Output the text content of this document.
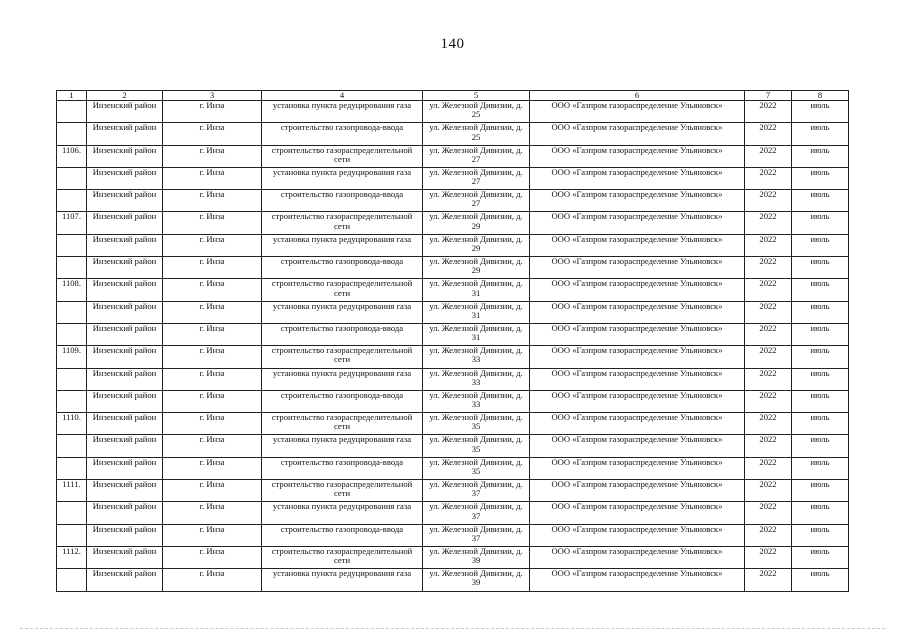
140
1	2	3	4	5	6	7	8
	Инзенский район	г. Инза	установка пункта редуцирования газа	ул. Железной Дивизии, д. 25	ООО «Газпром газораспределение Ульяновск»	2022	июль
	Инзенский район	г. Инза	строительство газопровода-ввода	ул. Железной Дивизии, д. 25	ООО «Газпром газораспределение Ульяновск»	2022	июль
1106.	Инзенский район	г. Инза	строительство газораспределительной сети	ул. Железной Дивизии, д. 27	ООО «Газпром газораспределение Ульяновск»	2022	июль
	Инзенский район	г. Инза	установка пункта редуцирования газа	ул. Железной Дивизии, д. 27	ООО «Газпром газораспределение Ульяновск»	2022	июль
	Инзенский район	г. Инза	строительство газопровода-ввода	ул. Железной Дивизии, д. 27	ООО «Газпром газораспределение Ульяновск»	2022	июль
1107.	Инзенский район	г. Инза	строительство газораспределительной сети	ул. Железной Дивизии, д. 29	ООО «Газпром газораспределение Ульяновск»	2022	июль
	Инзенский район	г. Инза	установка пункта редуцирования газа	ул. Железной Дивизии, д. 29	ООО «Газпром газораспределение Ульяновск»	2022	июль
	Инзенский район	г. Инза	строительство газопровода-ввода	ул. Железной Дивизии, д. 29	ООО «Газпром газораспределение Ульяновск»	2022	июль
1108.	Инзенский район	г. Инза	строительство газораспределительной сети	ул. Железной Дивизии, д. 31	ООО «Газпром газораспределение Ульяновск»	2022	июль
	Инзенский район	г. Инза	установка пункта редуцирования газа	ул. Железной Дивизии, д. 31	ООО «Газпром газораспределение Ульяновск»	2022	июль
	Инзенский район	г. Инза	строительство газопровода-ввода	ул. Железной Дивизии, д. 31	ООО «Газпром газораспределение Ульяновск»	2022	июль
1109.	Инзенский район	г. Инза	строительство газораспределительной сети	ул. Железной Дивизии, д. 33	ООО «Газпром газораспределение Ульяновск»	2022	июль
	Инзенский район	г. Инза	установка пункта редуцирования газа	ул. Железной Дивизии, д. 33	ООО «Газпром газораспределение Ульяновск»	2022	июль
	Инзенский район	г. Инза	строительство газопровода-ввода	ул. Железной Дивизии, д. 33	ООО «Газпром газораспределение Ульяновск»	2022	июль
1110.	Инзенский район	г. Инза	строительство газораспределительной сети	ул. Железной Дивизии, д. 35	ООО «Газпром газораспределение Ульяновск»	2022	июль
	Инзенский район	г. Инза	установка пункта редуцирования газа	ул. Железной Дивизии, д. 35	ООО «Газпром газораспределение Ульяновск»	2022	июль
	Инзенский район	г. Инза	строительство газопровода-ввода	ул. Железной Дивизии, д. 35	ООО «Газпром газораспределение Ульяновск»	2022	июль
1111.	Инзенский район	г. Инза	строительство газораспределительной сети	ул. Железной Дивизии, д. 37	ООО «Газпром газораспределение Ульяновск»	2022	июль
	Инзенский район	г. Инза	установка пункта редуцирования газа	ул. Железной Дивизии, д. 37	ООО «Газпром газораспределение Ульяновск»	2022	июль
	Инзенский район	г. Инза	строительство газопровода-ввода	ул. Железной Дивизии, д. 37	ООО «Газпром газораспределение Ульяновск»	2022	июль
1112.	Инзенский район	г. Инза	строительство газораспределительной сети	ул. Железной Дивизии, д. 39	ООО «Газпром газораспределение Ульяновск»	2022	июль
	Инзенский район	г. Инза	установка пункта редуцирования газа	ул. Железной Дивизии, д. 39	ООО «Газпром газораспределение Ульяновск»	2022	июль
